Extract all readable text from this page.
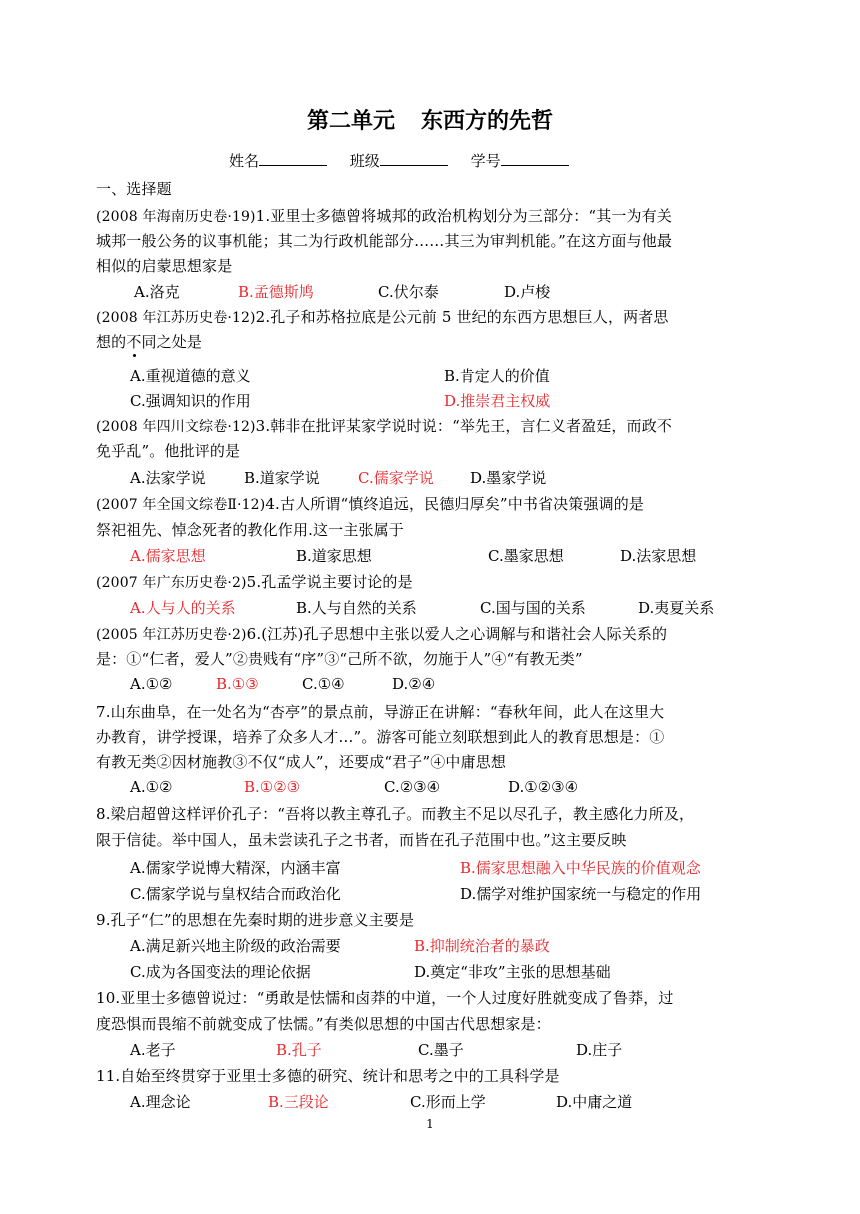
第二单元 东西方的先哲
姓名	班级	学号
一、选择题
(2008 年海南历史卷·19)1.亚里士多德曾将城邦的政治机构划分为三部分：“其一为有关
城邦一般公务的议事机能；其二为行政机能部分……其三为审判机能。”在这方面与他最
相似的启蒙思想家是
A.洛克	B.孟德斯鸠	C.伏尔泰	D.卢梭
(2008 年江苏历史卷·12)2.孔子和苏格拉底是公元前 5 世纪的东西方思想巨人，两者思
想的不同之处是
A.重视道德的意义	B.肯定人的价值
C.强调知识的作用	D.推崇君主权威
(2008 年四川文综卷·12)3.韩非在批评某家学说时说：“举先王，言仁义者盈廷，而政不
免乎乱”。他批评的是
A.法家学说	B.道家学说	C.儒家学说 D.墨家学说
(2007 年全国文综卷Ⅱ·12)4.古人所谓“慎终追远，民德归厚矣”中书省决策强调的是
祭祀祖先、悼念死者的教化作用.这一主张属于
A.儒家思想	B.道家思想	C.墨家思想	D.法家思想
(2007 年广东历史卷·2)5.孔孟学说主要讨论的是
A.人与人的关系	B.人与自然的关系	C.国与国的关系	D.夷夏关系
(2005 年江苏历史卷·2)6.(江苏)孔子思想中主张以爱人之心调解与和谐社会人际关系的
是：①“仁者，爱人”②贵贱有“序”③“己所不欲，勿施于人”④“有教无类”
A.①②	B.①③	C.①④	D.②④
7.山东曲阜，在一处名为“杏亭”的景点前，导游正在讲解：“春秋年间，此人在这里大
办教育，讲学授课，培养了众多人才…”。游客可能立刻联想到此人的教育思想是：①
有教无类②因材施教③不仅“成人”，还要成“君子”④中庸思想
A.①②	B.①②③	C.②③④	D.①②③④
8.梁启超曾这样评价孔子：“吾将以教主尊孔子。而教主不足以尽孔子，教主感化力所及，
限于信徒。举中国人，虽未尝读孔子之书者，而皆在孔子范围中也。”这主要反映
A.儒家学说博大精深，内涵丰富	B.儒家思想融入中华民族的价值观念
C.儒家学说与皇权结合而政治化	D.儒学对维护国家统一与稳定的作用
9.孔子“仁”的思想在先秦时期的进步意义主要是
A.满足新兴地主阶级的政治需要	B.抑制统治者的暴政
C.成为各国变法的理论依据	D.奠定“非攻”主张的思想基础
10.亚里士多德曾说过：“勇敢是怯懦和卤莽的中道，一个人过度好胜就变成了鲁莽，过
度恐惧而畏缩不前就变成了怯懦。”有类似思想的中国古代思想家是：
A.老子	B.孔子	C.墨子	D.庄子
11.自始至终贯穿于亚里士多德的研究、统计和思考之中的工具科学是
A.理念论	B.三段论	C.形而上学	D.中庸之道
1
